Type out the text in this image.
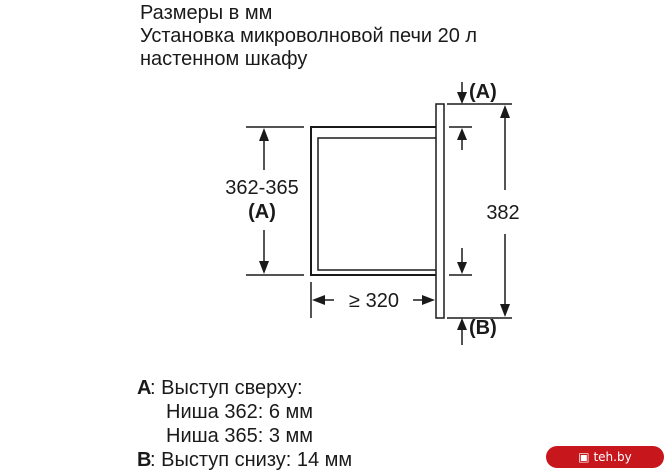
Размеры в мм
Установка микроволновой печи 20 л
настенном шкафу
362-365
(A)	382
(A)
(B)
≥ 320
A: Выступ сверху:
Ниша 362: 6 мм
Ниша 365: 3 мм
B: Выступ снизу: 14 мм	▣ teh.by
